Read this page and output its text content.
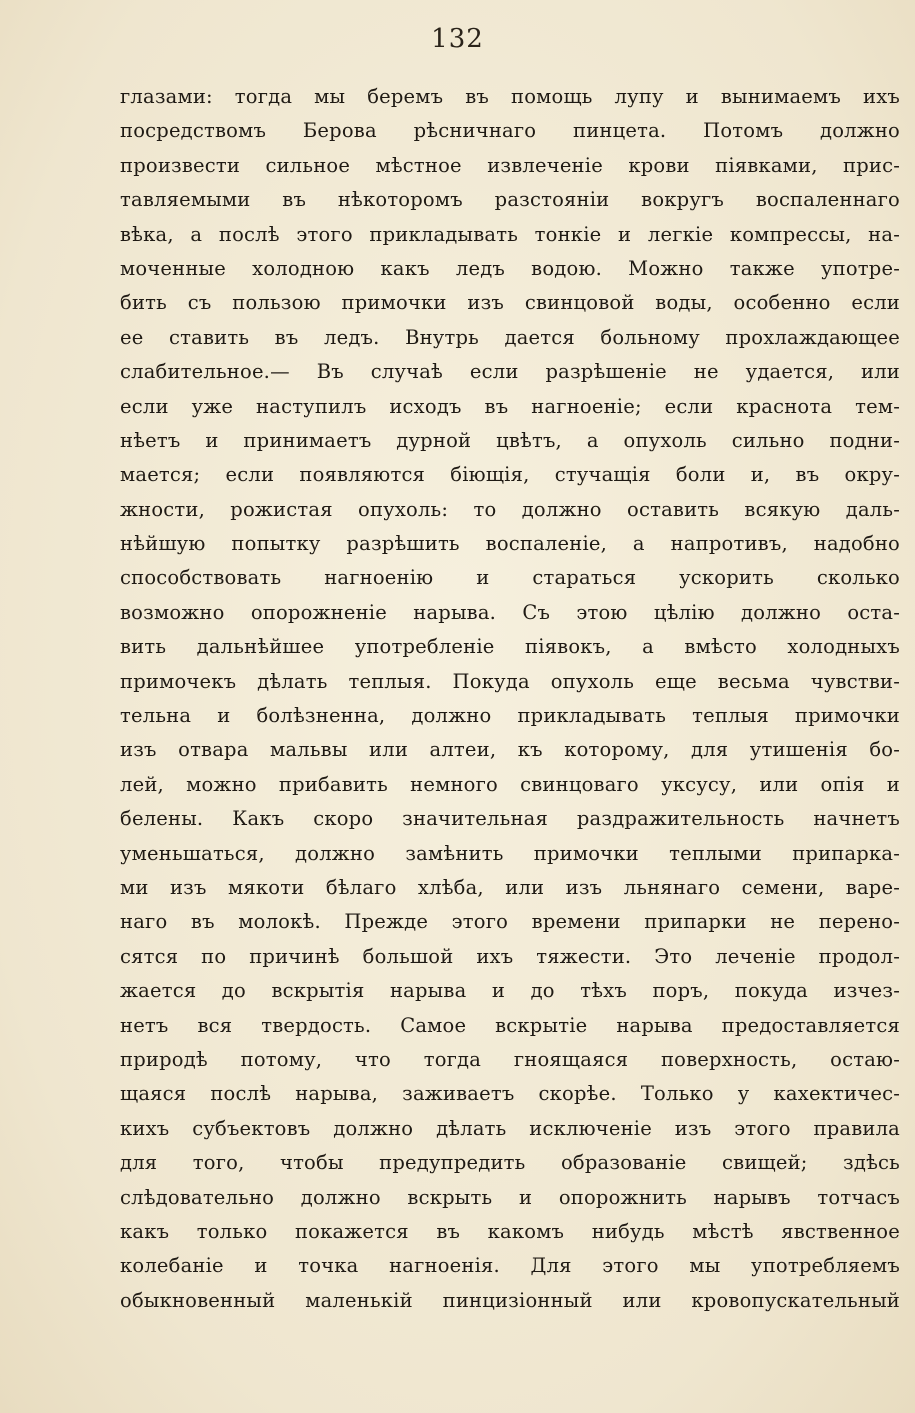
132
глазами: тогда мы беремъ въ помощь лупу и вынимаемъ ихъ
посредствомъ Берова рѣсничнаго пинцета. Потомъ должно
произвести сильное мѣстное извлеченіе крови піявками, прис-
тавляемыми въ нѣкоторомъ разстояніи вокругъ воспаленнаго
вѣка, а послѣ этого прикладывать тонкіе и легкіе компрессы, на-
моченные холодною какъ ледъ водою. Можно также употре-
бить съ пользою примочки изъ свинцовой воды, особенно если
ее ставить въ ледъ. Внутрь дается больному прохлаждающее
слабительное.— Въ случаѣ если разрѣшеніе не удается, или
если уже наступилъ исходъ въ нагноеніе; если краснота тем-
нѣетъ и принимаетъ дурной цвѣтъ, а опухоль сильно подни-
мается; если появляются біющія, стучащія боли и, въ окру-
жности, рожистая опухоль: то должно оставить всякую даль-
нѣйшую попытку разрѣшить воспаленіе, а напротивъ, надобно
способствовать нагноенію и стараться ускорить сколько
возможно опорожненіе нарыва. Съ этою цѣлію должно оста-
вить дальнѣйшее употребленіе піявокъ, а вмѣсто холодныхъ
примочекъ дѣлать теплыя. Покуда опухоль еще весьма чувстви-
тельна и болѣзненна, должно прикладывать теплыя примочки
изъ отвара мальвы или алтеи, къ которому, для утишенія бо-
лей, можно прибавить немного свинцоваго уксусу, или опія и
белены. Какъ скоро значительная раздражительность начнетъ
уменьшаться, должно замѣнить примочки теплыми припарка-
ми изъ мякоти бѣлаго хлѣба, или изъ льнянаго семени, варе-
наго въ молокѣ. Прежде этого времени припарки не перено-
сятся по причинѣ большой ихъ тяжести. Это леченіе продол-
жается до вскрытія нарыва и до тѣхъ поръ, покуда изчез-
нетъ вся твердость. Самое вскрытіе нарыва предоставляется
природѣ потому, что тогда гноящаяся поверхность, остаю-
щаяся послѣ нарыва, заживаетъ скорѣе. Только у кахектичес-
кихъ субъектовъ должно дѣлать исключеніе изъ этого правила
для того, чтобы предупредить образованіе свищей; здѣсь
слѣдовательно должно вскрыть и опорожнить нарывъ тотчасъ
какъ только покажется въ какомъ нибудь мѣстѣ явственное
колебаніе и точка нагноенія. Для этого мы употребляемъ
обыкновенный маленькій пинцизіонный или кровопускательный
